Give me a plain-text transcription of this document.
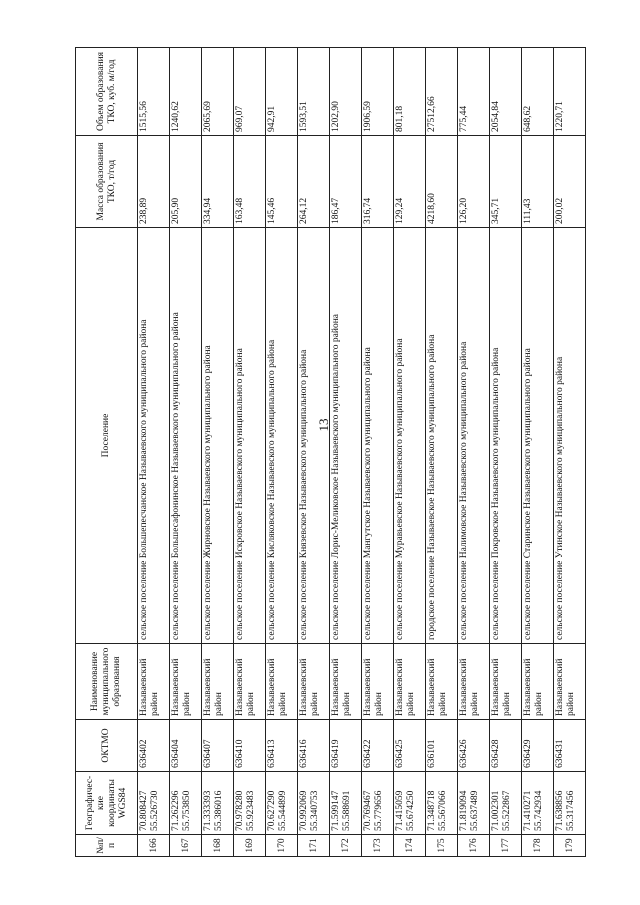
13
№п/п	Географичес-кие координаты WGS84	ОКТМО	Наименование муниципального образования	Поселение	Масса образования ТКО, т/год	Объем образования ТКО, куб. м/год
166	70.808427 55.526730	636402	Называевский район	сельское поселение Большепесчанское Называевского муниципального района	238,89	1515,56
167	71.262296 55.753850	636404	Называевский район	сельское поселение Большесафонинское Называевского муниципального района	205,90	1240,62
168	71.333393 55.386016	636407	Называевский район	сельское поселение Жирновское Называевского муниципального района	334,94	2065,69
169	70.978280 55.923483	636410	Называевский район	сельское поселение Искровское Называевского муниципального района	163,48	969,07
170	70.627290 55.544899	636413	Называевский район	сельское поселение Кисляковское Называевского муниципального района	145,46	942,91
171	70.992069 55.340753	636416	Называевский район	сельское поселение Князевское Называевского муниципального района	264,12	1593,51
172	71.599147 55.588691	636419	Называевский район	сельское поселение Лорис-Меликовское Называевского муниципального района	186,47	1202,90
173	70.769467 55.779656	636422	Называевский район	сельское поселение Мангутское Называевского муниципального района	316,74	1906,59
174	71.415059 55.674250	636425	Называевский район	сельское поселение Муравьевское Называевского муниципального района	129,24	801,18
175	71.348718 55.567066	636101	Называевский район	городское поселение Называевское Называевского муниципального района	4218,60	27512,66
176	71.819094 55.637489	636426	Называевский район	сельское поселение Налимовское Называевского муниципального района	126,20	775,44
177	71.002301 55.522867	636428	Называевский район	сельское поселение Покровское Называевского муниципального района	345,71	2054,84
178	71.410271 55.742934	636429	Называевский район	сельское поселение Старинское Называевского муниципального района	111,43	648,62
179	71.638856 55.317456	636431	Называевский район	сельское поселение Утинское Называевского муниципального района	200,02	1220,71
